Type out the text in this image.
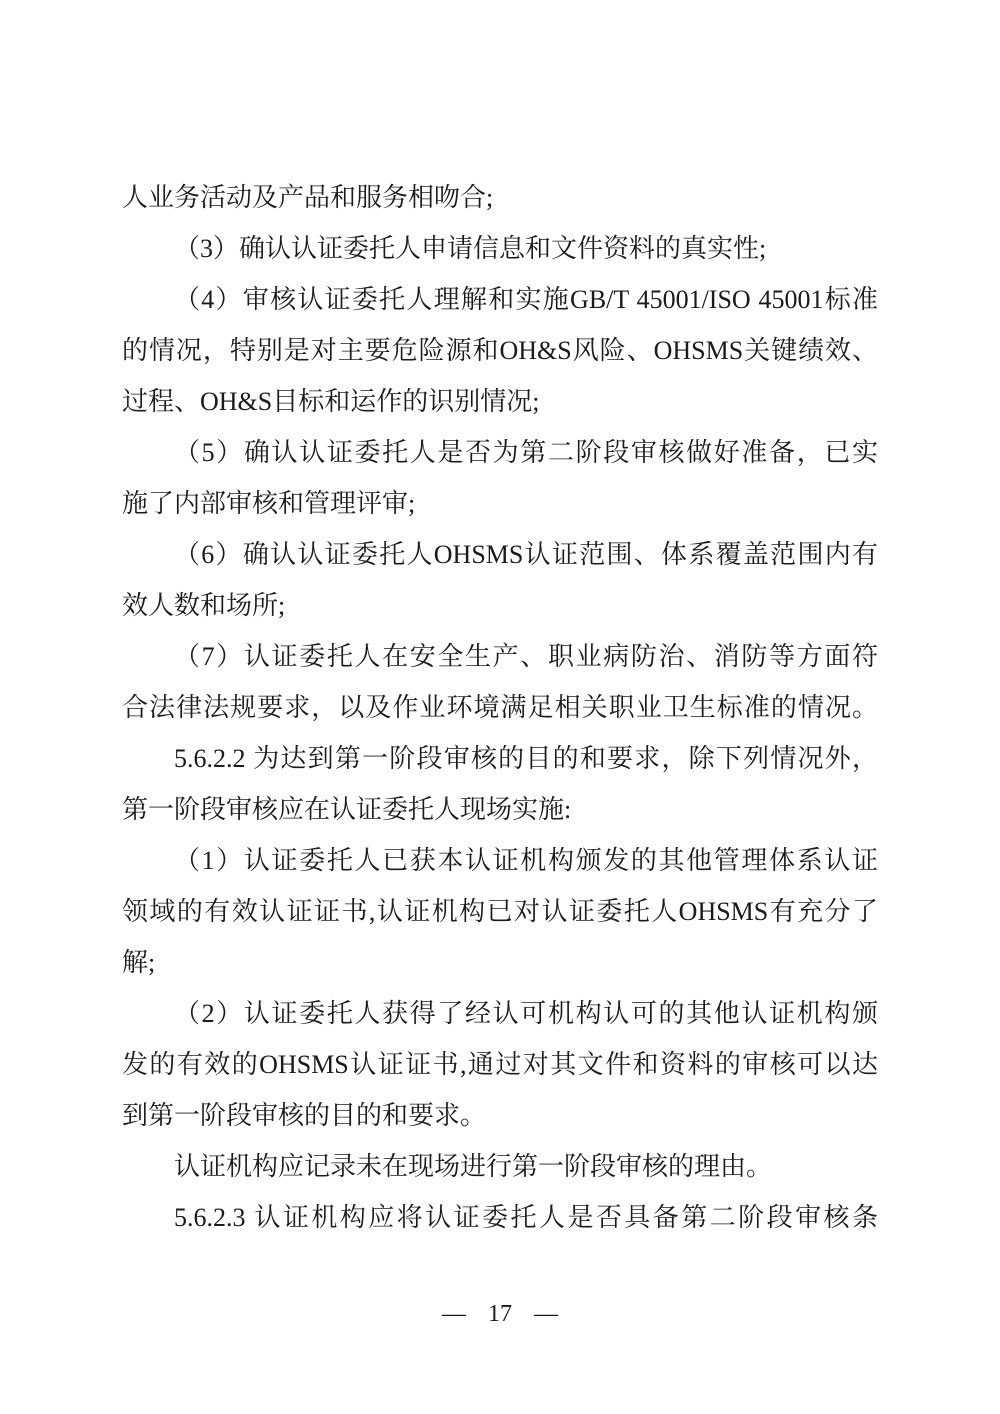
人业务活动及产品和服务相吻合;
（3）确认认证委托人申请信息和文件资料的真实性;
（4）审核认证委托人理解和实施GB/T 45001/ISO 45001标准
的情况，特别是对主要危险源和OH&S风险、OHSMS关键绩效、
过程、OH&S目标和运作的识别情况;
（5）确认认证委托人是否为第二阶段审核做好准备，已实
施了内部审核和管理评审;
（6）确认认证委托人OHSMS认证范围、体系覆盖范围内有
效人数和场所;
（7）认证委托人在安全生产、职业病防治、消防等方面符
合法律法规要求，以及作业环境满足相关职业卫生标准的情况。
5.6.2.2 为达到第一阶段审核的目的和要求，除下列情况外，
第一阶段审核应在认证委托人现场实施:
（1）认证委托人已获本认证机构颁发的其他管理体系认证
领域的有效认证证书,认证机构已对认证委托人OHSMS有充分了
解;
（2）认证委托人获得了经认可机构认可的其他认证机构颁
发的有效的OHSMS认证证书,通过对其文件和资料的审核可以达
到第一阶段审核的目的和要求。
认证机构应记录未在现场进行第一阶段审核的理由。
5.6.2.3 认证机构应将认证委托人是否具备第二阶段审核条
— 17 —
